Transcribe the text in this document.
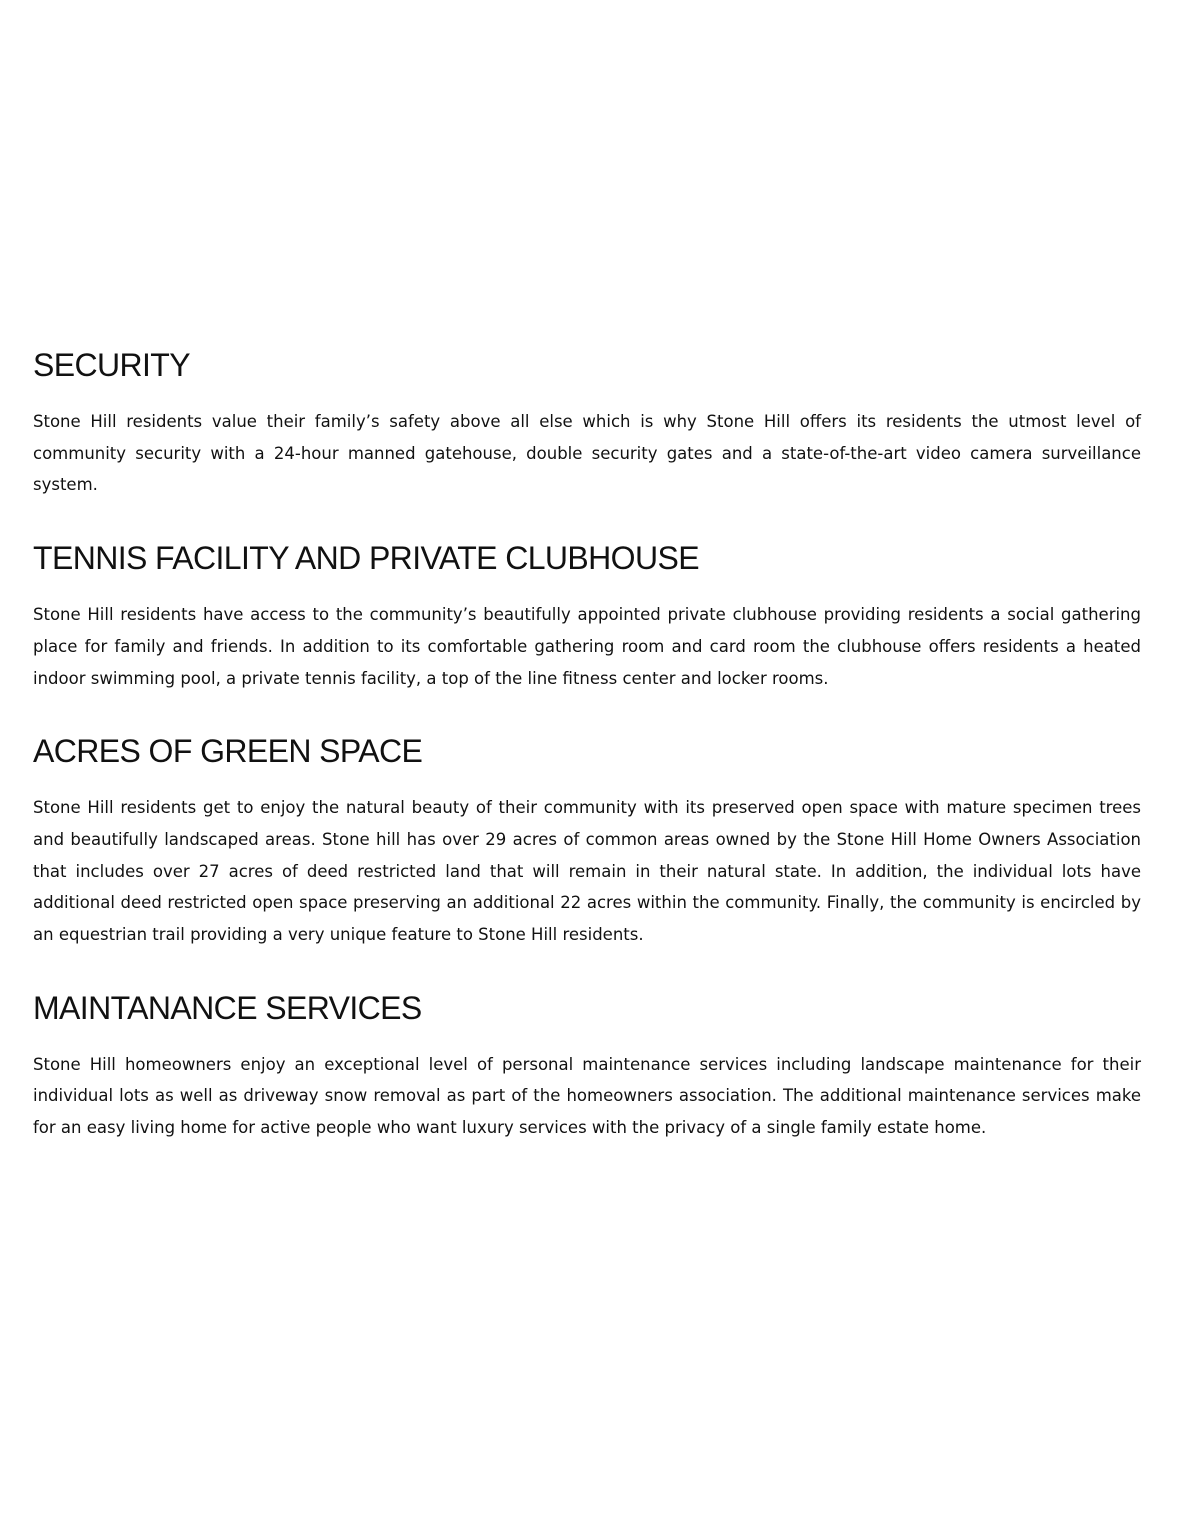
SECURITY

Stone Hill residents value their family’s safety above all else which is why Stone Hill offers its residents the utmost level of community security with a 24-hour manned gatehouse, double security gates and a state-of-the-art video camera surveillance system.

TENNIS FACILITY AND PRIVATE CLUBHOUSE

Stone Hill residents have access to the community’s beautifully appointed private clubhouse providing residents a social gathering place for family and friends. In addition to its comfortable gathering room and card room the clubhouse offers residents a heated indoor swimming pool, a private tennis facility, a top of the line fitness center and locker rooms.

ACRES OF GREEN SPACE

Stone Hill residents get to enjoy the natural beauty of their community with its preserved open space with mature specimen trees and beautifully landscaped areas. Stone hill has over 29 acres of common areas owned by the Stone Hill Home Owners Association that includes over 27 acres of deed restricted land that will remain in their natural state. In addition, the individual lots have additional deed restricted open space preserving an additional 22 acres within the community. Finally, the community is encircled by an equestrian trail providing a very unique feature to Stone Hill residents.

MAINTANANCE SERVICES

Stone Hill homeowners enjoy an exceptional level of personal maintenance services including landscape maintenance for their individual lots as well as driveway snow removal as part of the homeowners association. The additional maintenance services make for an easy living home for active people who want luxury services with the privacy of a single family estate home.
